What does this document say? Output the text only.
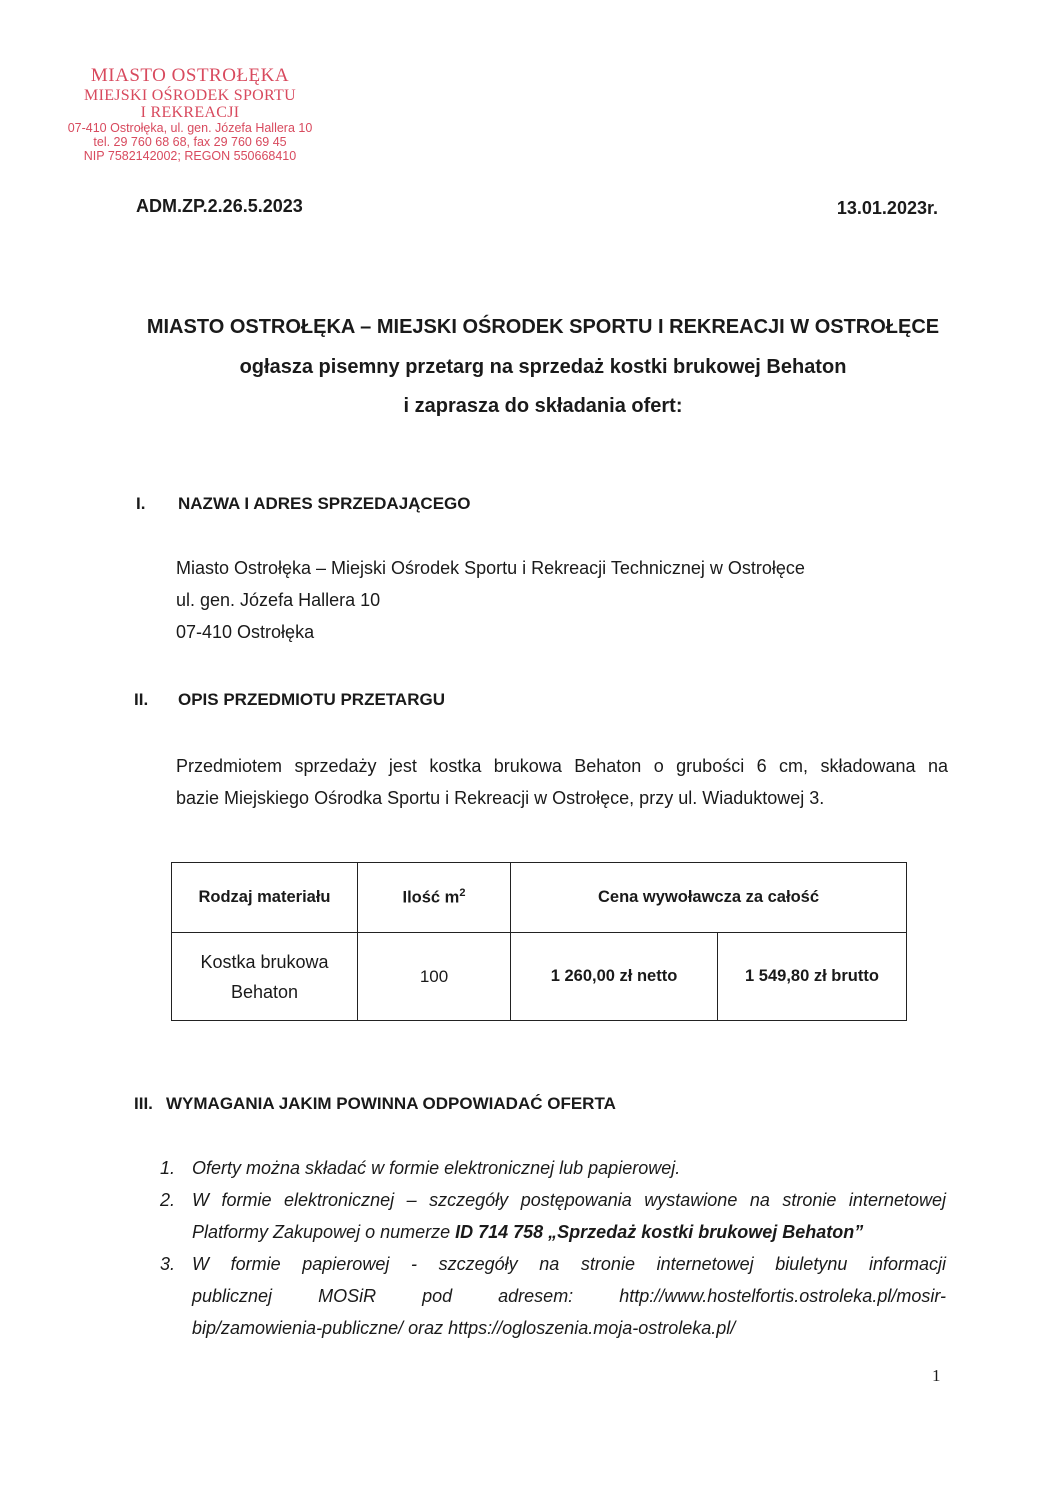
MIASTO OSTROŁĘKA
MIEJSKI OŚRODEK SPORTU
I REKREACJI
07-410 Ostrołęka, ul. gen. Józefa Hallera 10
tel. 29 760 68 68, fax 29 760 69 45
NIP 7582142002; REGON 550668410
ADM.ZP.2.26.5.2023	13.01.2023r.
MIASTO OSTROŁĘKA – MIEJSKI OŚRODEK SPORTU I REKREACJI W OSTROŁĘCE
ogłasza pisemny przetarg na sprzedaż kostki brukowej Behaton
i zaprasza do składania ofert:
I. NAZWA I ADRES SPRZEDAJĄCEGO
Miasto Ostrołęka – Miejski Ośrodek Sportu i Rekreacji Technicznej w Ostrołęce
ul. gen. Józefa Hallera 10
07-410 Ostrołęka
II. OPIS PRZEDMIOTU PRZETARGU
Przedmiotem sprzedaży jest kostka brukowa Behaton o grubości 6 cm, składowana na
bazie Miejskiego Ośrodka Sportu i Rekreacji w Ostrołęce, przy ul. Wiaduktowej 3.
Rodzaj materiału	Ilość $m^2$	Cena wywoławcza za całość	

Kostka brukowa
Behaton	100	1 260,00 zł netto	1 549,80 zł brutto
III. WYMAGANIA JAKIM POWINNA ODPOWIADAĆ OFERTA
1. Oferty można składać w formie elektronicznej lub papierowej.
2. W formie elektronicznej – szczegóły postępowania wystawione na stronie internetowej
Platformy Zakupowej o numerze ID 714 758 „Sprzedaż kostki brukowej Behaton”
3. W formie papierowej - szczegóły na stronie internetowej biuletynu informacji
publicznej MOSiR pod adresem: http://www.hostelfortis.ostroleka.pl/mosir-
bip/zamowienia-publiczne/ oraz https://ogloszenia.moja-ostroleka.pl/
1
